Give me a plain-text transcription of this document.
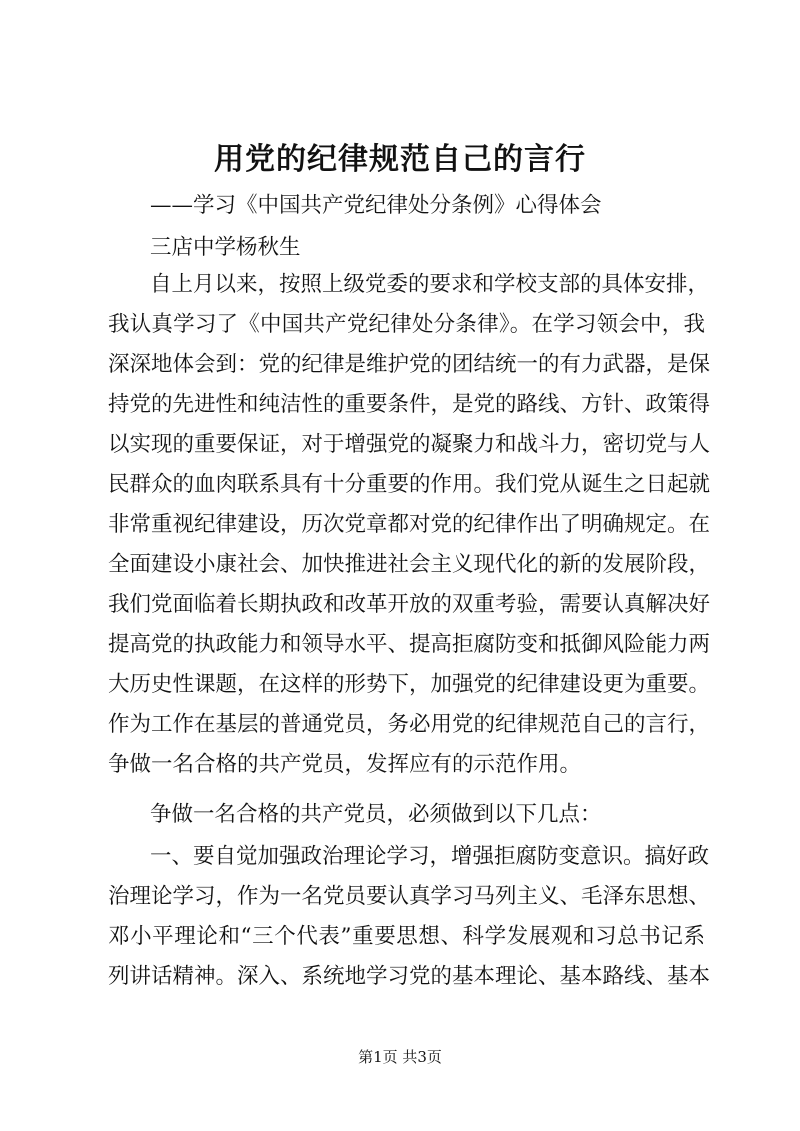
用党的纪律规范自己的言行
——学习《中国共产党纪律处分条例》心得体会
三店中学杨秋生
自上月以来，按照上级党委的要求和学校支部的具体安排，
我认真学习了《中国共产党纪律处分条律》。在学习领会中，我
深深地体会到：党的纪律是维护党的团结统一的有力武器，是保
持党的先进性和纯洁性的重要条件，是党的路线、方针、政策得
以实现的重要保证，对于增强党的凝聚力和战斗力，密切党与人
民群众的血肉联系具有十分重要的作用。我们党从诞生之日起就
非常重视纪律建设，历次党章都对党的纪律作出了明确规定。在
全面建设小康社会、加快推进社会主义现代化的新的发展阶段，
我们党面临着长期执政和改革开放的双重考验，需要认真解决好
提高党的执政能力和领导水平、提高拒腐防变和抵御风险能力两
大历史性课题，在这样的形势下，加强党的纪律建设更为重要。
作为工作在基层的普通党员，务必用党的纪律规范自己的言行，
争做一名合格的共产党员，发挥应有的示范作用。
争做一名合格的共产党员，必须做到以下几点：
一、要自觉加强政治理论学习，增强拒腐防变意识。搞好政
治理论学习，作为一名党员要认真学习马列主义、毛泽东思想、
邓小平理论和“三个代表”重要思想、科学发展观和习总书记系
列讲话精神。深入、系统地学习党的基本理论、基本路线、基本
第1页 共3页
